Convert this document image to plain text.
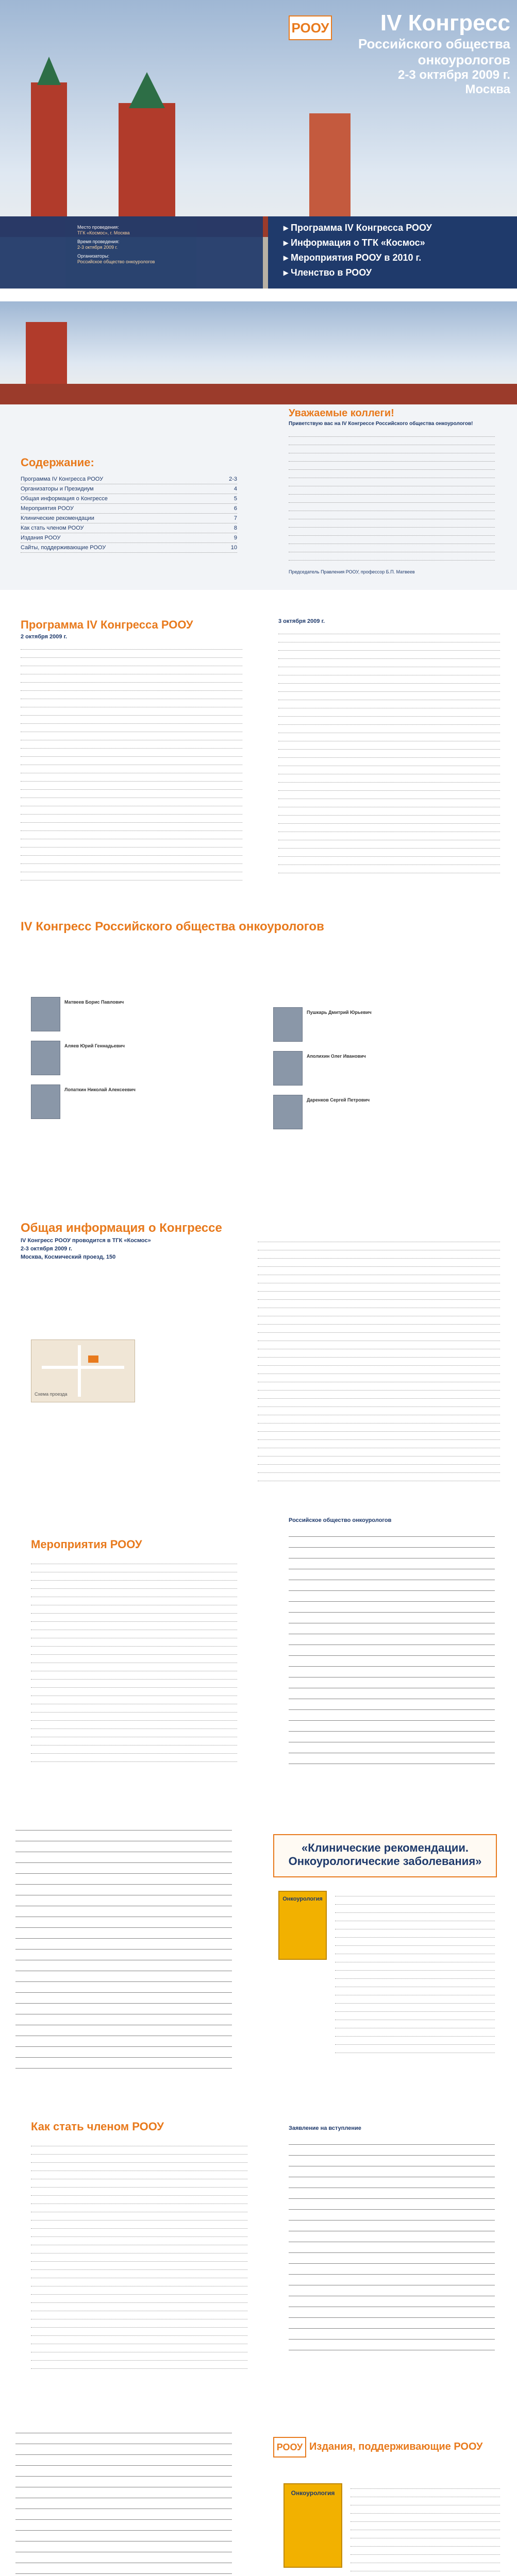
РООУ	IV Конгресс
Российского общества
онкоурологов
2-3 октября 2009 г.
Москва
▸ Программа IV Конгресса РООУ
▸ Информация о ТГК «Космос»
▸ Мероприятия РООУ в 2010 г.
▸ Членство в РООУ
Место проведения:
ТГК «Космос», г. Москва
Время проведения:
2-3 октября 2009 г.
Организаторы:
Российское общество онкоурологов
Уважаемые коллеги!
Приветствую вас на IV Конгрессе Российского общества онкоурологов!
Председатель Правления РООУ, профессор Б.П. Матвеев
Содержание:
Программа IV Конгресса РООУ	2-3
Организаторы и Президиум	4
Общая информация о Конгрессе	5
Мероприятия РООУ	6
Клинические рекомендации	7
Как стать членом РООУ	8
Издания РООУ	9
Сайты, поддерживающие РООУ	10
Программа IV Конгресса РООУ
2 октября 2009 г.
3 октября 2009 г.
IV Конгресс Российского общества онкоурологов
Матвеев Борис Павлович
Аляев Юрий Геннадьевич
Лопаткин Николай Алексеевич
Пушкарь Дмитрий Юрьевич
Аполихин Олег Иванович
Даренков Сергей Петрович
Общая информация о Конгрессе
IV Конгресс РООУ проводится в ТГК «Космос»
2-3 октября 2009 г.
Москва, Космический проезд, 150
Схема проезда
Мероприятия РООУ
Российское общество онкоурологов
«Клинические рекомендации.
Онкоурологические заболевания»
Онкоурология
Как стать членом РООУ	Заявление на вступление
РООУ Издания, поддерживающие РООУ
Онкоурология
